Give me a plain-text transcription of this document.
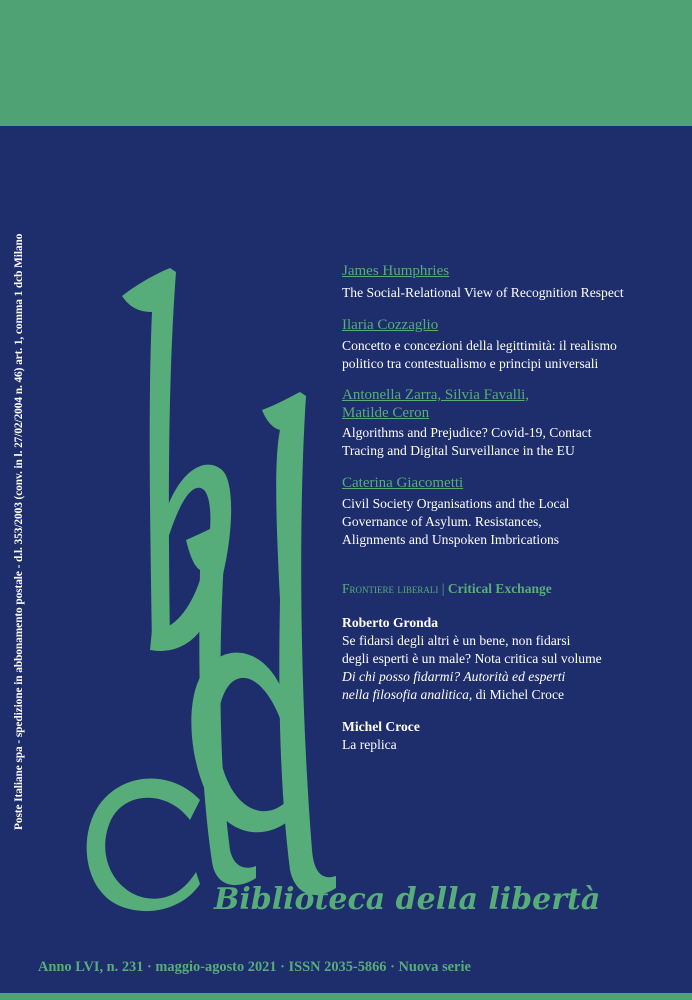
Poste Italiane spa - spedizione in abbonamento postale - d.l. 353/2003 (conv. in l. 27/02/2004 n. 46) art. 1, comma 1 dcb Milano	James Humphries
The Social-Relational View of Recognition Respect
Ilaria Cozzaglio
Concetto e concezioni della legittimità: il realismo
politico tra contestualismo e principi universali
Antonella Zarra, Silvia Favalli,
Matilde Ceron
Algorithms and Prejudice? Covid-19, Contact
Tracing and Digital Surveillance in the EU
Caterina Giacometti
Civil Society Organisations and the Local
Governance of Asylum. Resistances,
Alignments and Unspoken Imbrications
Frontiere liberali | Critical Exchange
Roberto Gronda
Se fidarsi degli altri è un bene, non fidarsi
degli esperti è un male? Nota critica sul volume
Di chi posso fidarmi? Autorità ed esperti
nella filosofia analitica, di Michel Croce
Michel Croce
La replica
Biblioteca della libertà
Anno LVI, n. 231 · maggio-agosto 2021 · ISSN 2035-5866 · Nuova serie
